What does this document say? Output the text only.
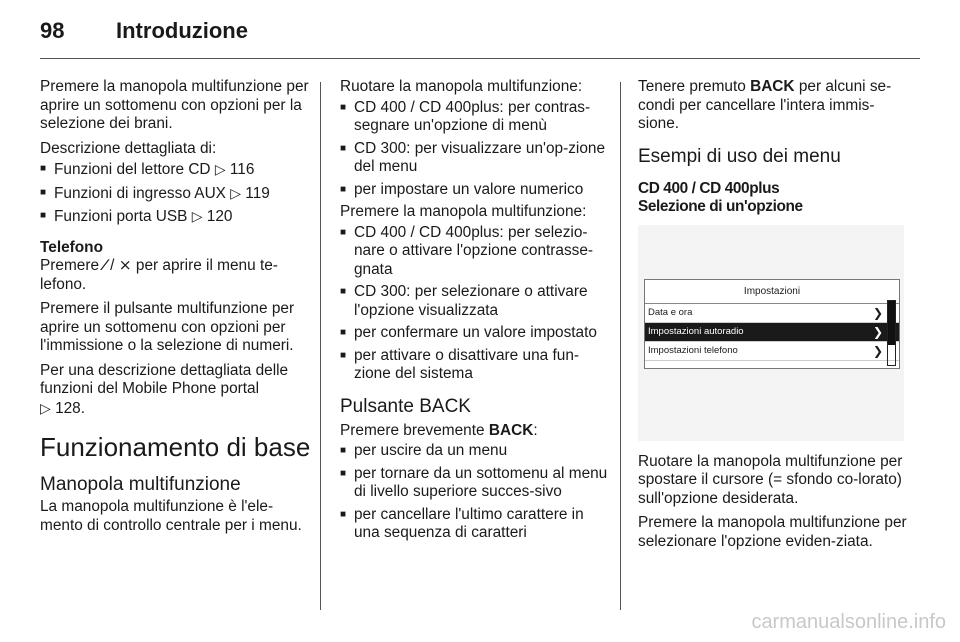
98 Introduzione

Premere la manopola multifunzione per aprire un sottomenu con opzioni per la selezione dei brani.

Descrizione dettagliata di:

■ Funzioni del lettore CD ▷ 116
■ Funzioni di ingresso AUX ▷ 119
■ Funzioni porta USB ▷ 120
Telefono

Premere ∕ / ⨯ per aprire il menu te-lefono.

Premere il pulsante multifunzione per aprire un sottomenu con opzioni per l'immissione o la selezione di numeri.

Per una descrizione dettagliata delle funzioni del Mobile Phone portal
▷ 128.

Funzionamento di base
Manopola multifunzione

La manopola multifunzione è l'ele-mento di controllo centrale per i menu.

Ruotare la manopola multifunzione:

■ CD 400 / CD 400plus: per contras-segnare un'opzione di menù
■ CD 300: per visualizzare un'op-zione del menu
■ per impostare un valore numerico

Premere la manopola multifunzione:

■ CD 400 / CD 400plus: per selezio-nare o attivare l'opzione contrasse-gnata
■ CD 300: per selezionare o attivare l'opzione visualizzata
■ per confermare un valore impostato
■ per attivare o disattivare una fun-zione del sistema
Pulsante BACK

Premere brevemente BACK:

■ per uscire da un menu
■ per tornare da un sottomenu al menu di livello superiore succes-sivo
■ per cancellare l'ultimo carattere in una sequenza di caratteri

Tenere premuto BACK per alcuni se-condi per cancellare l'intera immis-sione.

Esempi di uso dei menu
CD 400 / CD 400plus
Selezione di un'opzione
Impostazioni
Data e ora	❯
Impostazioni autoradio	❯
Impostazioni telefono	❯

Ruotare la manopola multifunzione per spostare il cursore (= sfondo co-lorato) sull'opzione desiderata.

Premere la manopola multifunzione per selezionare l'opzione eviden-ziata.

carmanualsonline.info
